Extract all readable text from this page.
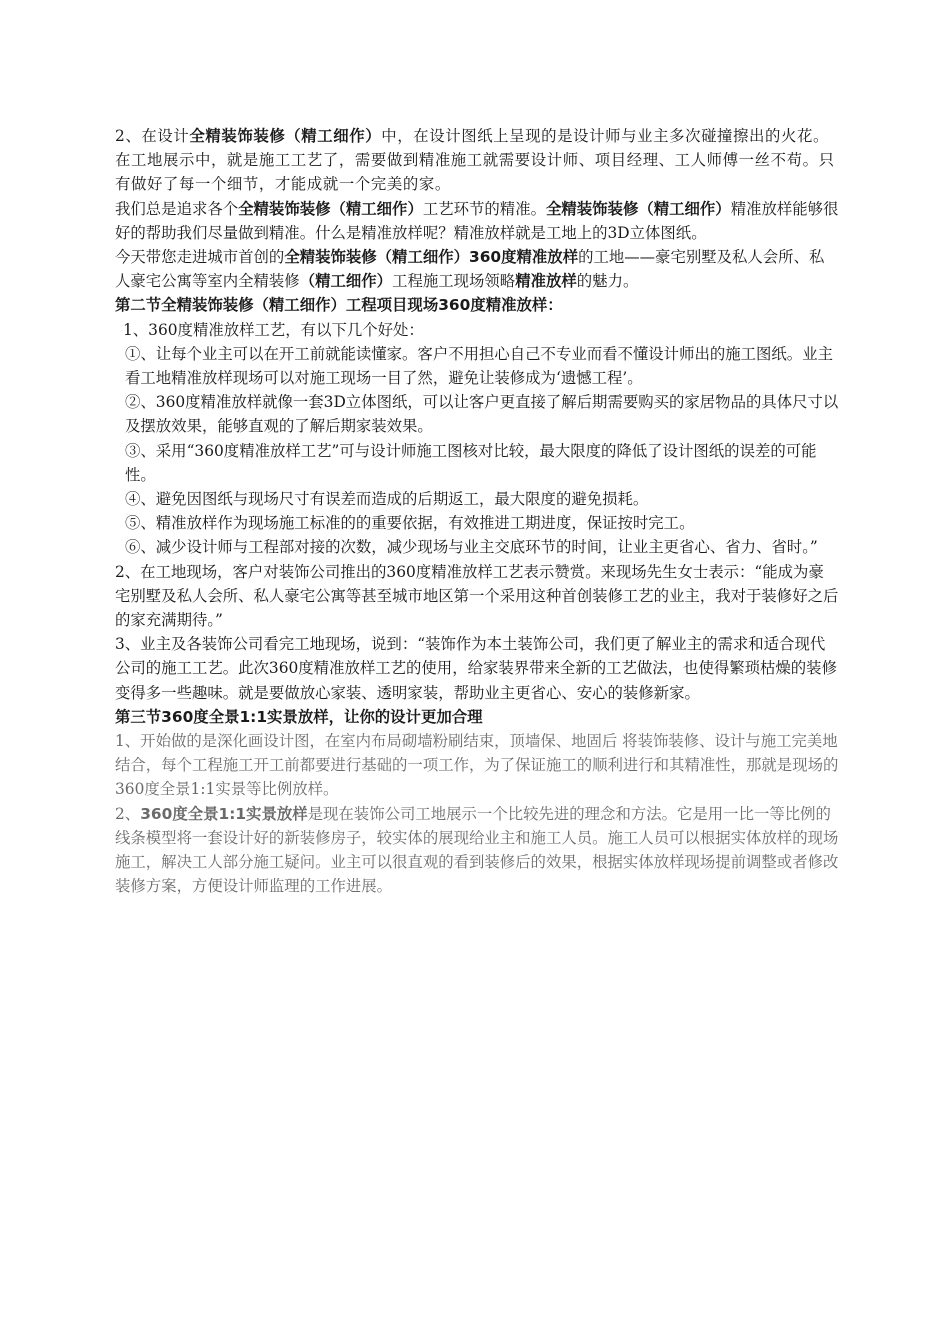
2、在设计全精装饰装修（精工细作）中，在设计图纸上呈现的是设计师与业主多次碰撞擦出的火花。在工地展示中，就是施工工艺了，需要做到精准施工就需要设计师、项目经理、工人师傅一丝不苟。只有做好了每一个细节，才能成就一个完美的家。

我们总是追求各个全精装饰装修（精工细作）工艺环节的精准。全精装饰装修（精工细作）精准放样能够很好的帮助我们尽量做到精准。什么是精准放样呢？精准放样就是工地上的3D立体图纸。

今天带您走进城市首创的全精装饰装修（精工细作）360度精准放样的工地——豪宅别墅及私人会所、私人豪宅公寓等室内全精装修（精工细作）工程施工现场领略精准放样的魅力。

第二节全精装饰装修（精工细作）工程项目现场360度精准放样：

1、360度精准放样工艺，有以下几个好处：

①、让每个业主可以在开工前就能读懂家。客户不用担心自己不专业而看不懂设计师出的施工图纸。业主看工地精准放样现场可以对施工现场一目了然，避免让装修成为‘遗憾工程’。

②、360度精准放样就像一套3D立体图纸，可以让客户更直接了解后期需要购买的家居物品的具体尺寸以及摆放效果，能够直观的了解后期家装效果。

③、采用“360度精准放样工艺”可与设计师施工图核对比较，最大限度的降低了设计图纸的误差的可能性。

④、避免因图纸与现场尺寸有误差而造成的后期返工，最大限度的避免损耗。

⑤、精准放样作为现场施工标准的的重要依据，有效推进工期进度，保证按时完工。

⑥、减少设计师与工程部对接的次数，减少现场与业主交底环节的时间，让业主更省心、省力、省时。”

2、在工地现场，客户对装饰公司推出的360度精准放样工艺表示赞赏。来现场先生女士表示：“能成为豪宅别墅及私人会所、私人豪宅公寓等甚至城市地区第一个采用这种首创装修工艺的业主，我对于装修好之后的家充满期待。”

3、业主及各装饰公司看完工地现场，说到：“装饰作为本土装饰公司，我们更了解业主的需求和适合现代公司的施工工艺。此次360度精准放样工艺的使用，给家装界带来全新的工艺做法，也使得繁琐枯燥的装修变得多一些趣味。就是要做放心家装、透明家装，帮助业主更省心、安心的装修新家。

第三节360度全景1:1实景放样，让你的设计更加合理

1、开始做的是深化画设计图，在室内布局砌墙粉刷结束，顶墙保、地固后 将装饰装修、设计与施工完美地结合，每个工程施工开工前都要进行基础的一项工作，为了保证施工的顺利进行和其精准性，那就是现场的360度全景1:1实景等比例放样。

2、360度全景1:1实景放样是现在装饰公司工地展示一个比较先进的理念和方法。它是用一比一等比例的线条模型将一套设计好的新装修房子，较实体的展现给业主和施工人员。施工人员可以根据实体放样的现场施工，解决工人部分施工疑问。业主可以很直观的看到装修后的效果，根据实体放样现场提前调整或者修改装修方案，方便设计师监理的工作进展。
